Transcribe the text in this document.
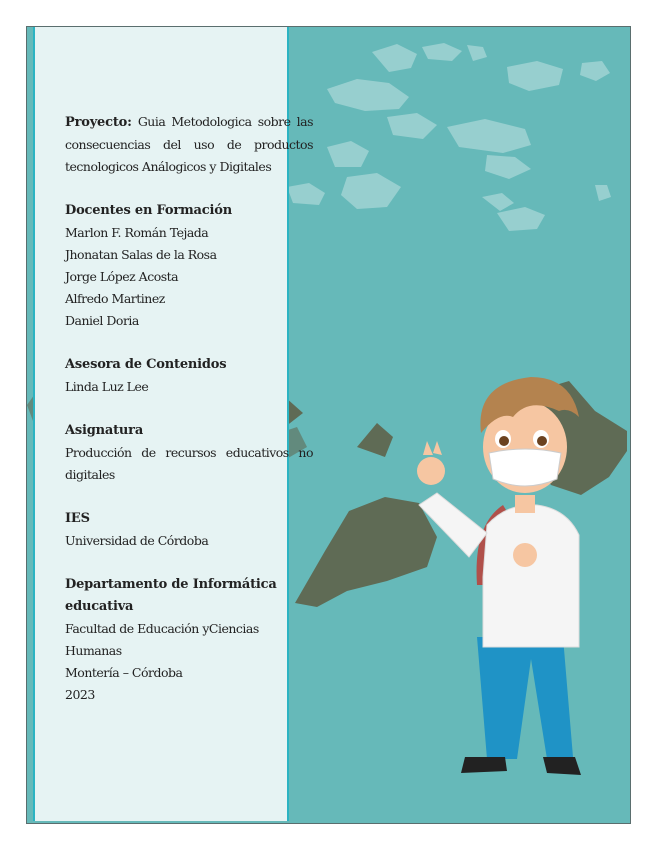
Proyecto: Guia Metodologica sobre las consecuencias del uso de productos tecnologicos Análogicos y Digitales

Docentes en Formación

Marlon F. Román Tejada

Jhonatan Salas de la Rosa

Jorge López Acosta

Alfredo Martinez

Daniel Doria

Asesora de Contenidos

Linda Luz Lee

Asignatura

Producción de recursos educativos no digitales

IES

Universidad de Córdoba

Departamento de Informática educativa

Facultad de Educación yCiencias Humanas

Montería – Córdoba

2023
